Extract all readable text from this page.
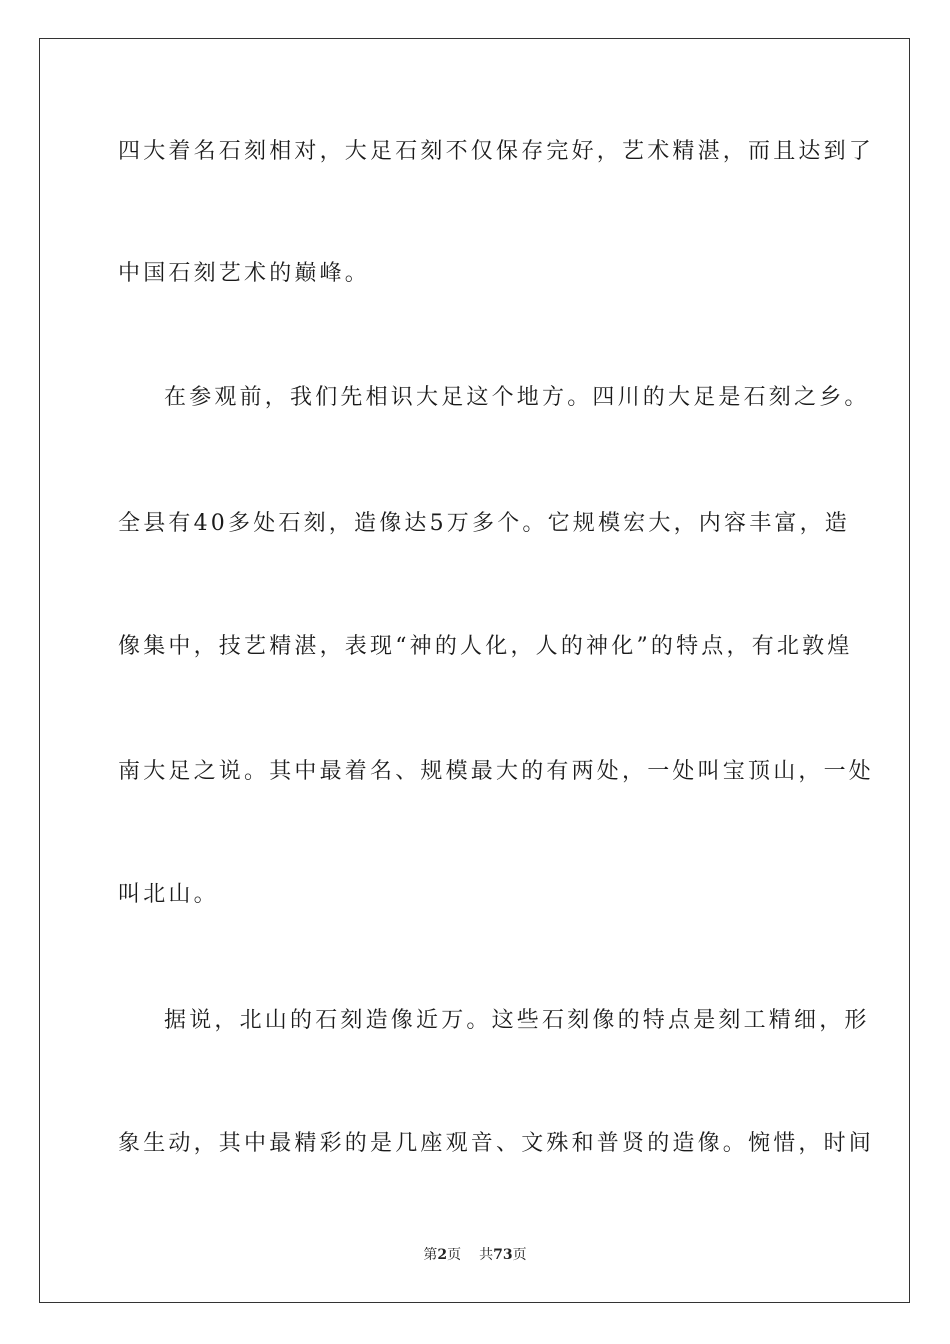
四大着名石刻相对，大足石刻不仅保存完好，艺术精湛，而且达到了
中国石刻艺术的巅峰。
在参观前，我们先相识大足这个地方。四川的大足是石刻之乡。
全县有40多处石刻，造像达5万多个。它规模宏大，内容丰富，造
像集中，技艺精湛，表现“神的人化，人的神化”的特点，有北敦煌
南大足之说。其中最着名、规模最大的有两处，一处叫宝顶山，一处
叫北山。
据说，北山的石刻造像近万。这些石刻像的特点是刻工精细，形
象生动，其中最精彩的是几座观音、文殊和普贤的造像。惋惜，时间
第2页 共73页
